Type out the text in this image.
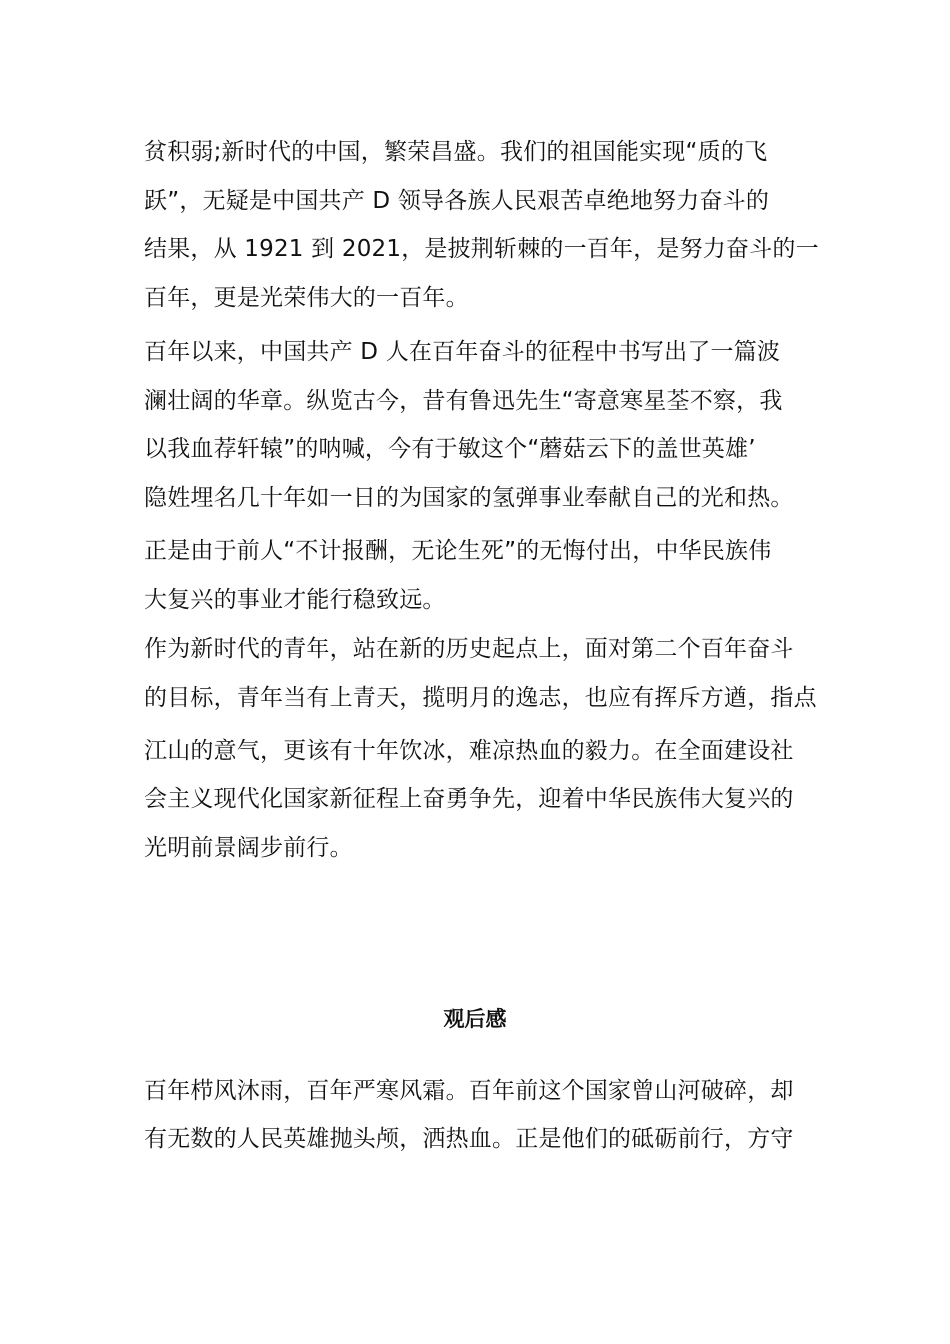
贫积弱;新时代的中国，繁荣昌盛。我们的祖国能实现“质的飞
跃”，无疑是中国共产 D 领导各族人民艰苦卓绝地努力奋斗的
结果，从 1921 到 2021，是披荆斩棘的一百年，是努力奋斗的一
百年，更是光荣伟大的一百年。
百年以来，中国共产 D 人在百年奋斗的征程中书写出了一篇波
澜壮阔的华章。纵览古今，昔有鲁迅先生“寄意寒星荃不察，我
以我血荐轩辕”的呐喊，今有于敏这个“蘑菇云下的盖世英雄’
隐姓埋名几十年如一日的为国家的氢弹事业奉献自己的光和热。
正是由于前人“不计报酬，无论生死”的无悔付出，中华民族伟
大复兴的事业才能行稳致远。
作为新时代的青年，站在新的历史起点上，面对第二个百年奋斗
的目标，青年当有上青天，揽明月的逸志，也应有挥斥方遒，指点
江山的意气，更该有十年饮冰，难凉热血的毅力。在全面建设社
会主义现代化国家新征程上奋勇争先，迎着中华民族伟大复兴的
光明前景阔步前行。
观后感
百年栉风沐雨，百年严寒风霜。百年前这个国家曾山河破碎，却
有无数的人民英雄抛头颅，洒热血。正是他们的砥砺前行，方守
